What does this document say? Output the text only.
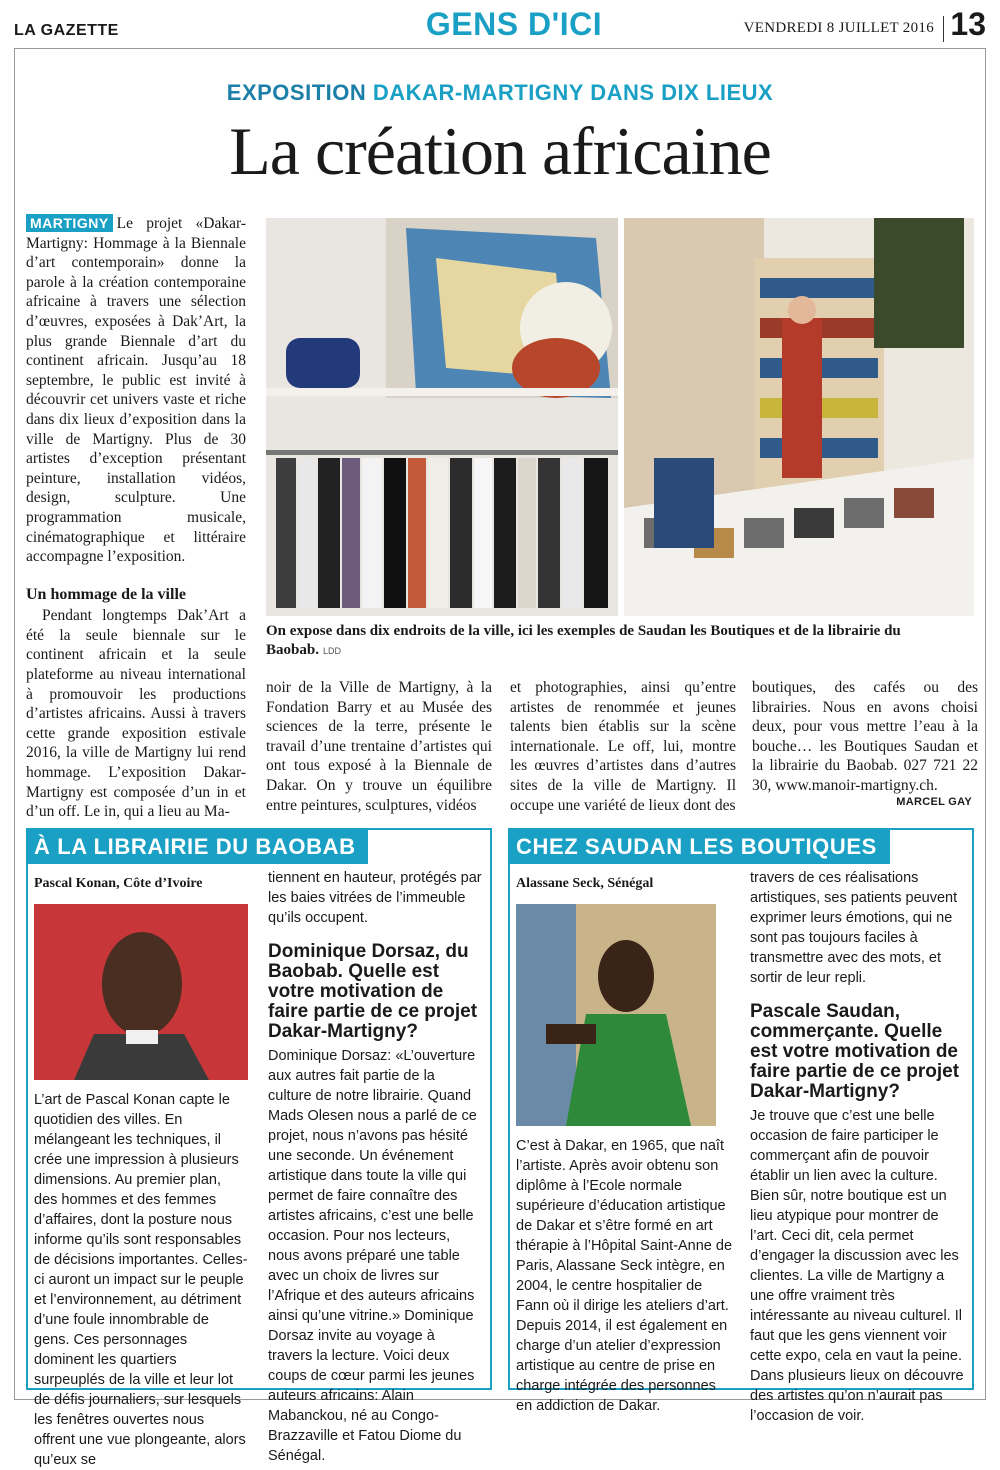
LA GAZETTE	GENS D'ICI	VENDREDI 8 JUILLET 2016 13
EXPOSITION DAKAR-MARTIGNY DANS DIX LIEUX
La création africaine

MARTIGNY Le projet «Dakar-Martigny: Hommage à la Biennale d’art contemporain» donne la parole à la création contemporaine africaine à travers une sélection d’œuvres, exposées à Dak’Art, la plus grande Biennale d’art du continent africain. Jusqu’au 18 septembre, le public est invité à découvrir cet univers vaste et riche dans dix lieux d’exposition dans la ville de Martigny. Plus de 30 artistes d’exception présentant peinture, installation vidéos, design, sculpture. Une programmation musicale, cinématographique et littéraire accompagne l’exposition.

Un hommage de la ville

Pendant longtemps Dak’Art a été la seule biennale sur le continent africain et la seule plateforme au niveau international à promouvoir les productions d’artistes africains. Aussi à travers cette grande exposition estivale 2016, la ville de Martigny lui rend hommage. L’exposition Dakar-Martigny est composée d’un in et d’un off. Le in, qui a lieu au Ma-

On expose dans dix endroits de la ville, ici les exemples de Saudan les Boutiques et de la librairie du Baobab. LDD
noir de la Ville de Martigny, à la Fondation Barry et au Musée des sciences de la terre, présente le travail d’une trentaine d’artistes qui ont tous exposé à la Biennale de Dakar. On y trouve un équilibre entre peintures, sculptures, vidéos
et photographies, ainsi qu’entre artistes de renommée et jeunes talents bien établis sur la scène internationale. Le off, lui, montre les œuvres d’artistes dans d’autres sites de la ville de Martigny. Il occupe une variété de lieux dont des
boutiques, des cafés ou des librairies. Nous en avons choisi deux, pour vous mettre l’eau à la bouche… les Boutiques Saudan et la librairie du Baobab. 027 721 22 30, www.manoir-martigny.ch.
MARCEL GAY
À LA LIBRAIRIE DU BAOBAB
Pascal Konan, Côte d’Ivoire

L’art de Pascal Konan capte le quotidien des villes. En mélangeant les techniques, il crée une impression à plusieurs dimensions. Au premier plan, des hommes et des femmes d’affaires, dont la posture nous informe qu’ils sont responsables de décisions importantes. Celles-ci auront un impact sur le peuple et l’environnement, au détriment d’une foule innombrable de gens. Ces personnages dominent les quartiers surpeuplés de la ville et leur lot de défis journaliers, sur lesquels les fenêtres ouvertes nous offrent une vue plongeante, alors qu’eux se

tiennent en hauteur, protégés par les baies vitrées de l’immeuble qu’ils occupent.

Dominique Dorsaz, du Baobab. Quelle est votre motivation de faire partie de ce projet Dakar-Martigny?

Dominique Dorsaz: «L’ouverture aux autres fait partie de la culture de notre librairie. Quand Mads Olesen nous a parlé de ce projet, nous n’avons pas hésité une seconde. Un événement artistique dans toute la ville qui permet de faire connaître des artistes africains, c’est une belle occasion. Pour nos lecteurs, nous avons préparé une table avec un choix de livres sur l’Afrique et des auteurs africains ainsi qu’une vitrine.» Dominique Dorsaz invite au voyage à travers la lecture. Voici deux coups de cœur parmi les jeunes auteurs africains: Alain Mabanckou, né au Congo-Brazzaville et Fatou Diome du Sénégal.

CHEZ SAUDAN LES BOUTIQUES
Alassane Seck, Sénégal

C’est à Dakar, en 1965, que naît l’artiste. Après avoir obtenu son diplôme à l’Ecole normale supérieure d’éducation artistique de Dakar et s’être formé en art thérapie à l’Hôpital Saint-Anne de Paris, Alassane Seck intègre, en 2004, le centre hospitalier de Fann où il dirige les ateliers d’art. Depuis 2014, il est également en charge d’un atelier d’expression artistique au centre de prise en charge intégrée des personnes en addiction de Dakar.

travers de ces réalisations artistiques, ses patients peuvent exprimer leurs émotions, qui ne sont pas toujours faciles à transmettre avec des mots, et sortir de leur repli.

Pascale Saudan, commerçante. Quelle est votre motivation de faire partie de ce projet Dakar-Martigny?

Je trouve que c’est une belle occasion de faire participer le commerçant afin de pouvoir établir un lien avec la culture. Bien sûr, notre boutique est un lieu atypique pour montrer de l’art. Ceci dit, cela permet d’engager la discussion avec les clientes. La ville de Martigny a une offre vraiment très intéressante au niveau culturel. Il faut que les gens viennent voir cette expo, cela en vaut la peine. Dans plusieurs lieux on découvre des artistes qu’on n’aurait pas l’occasion de voir.
